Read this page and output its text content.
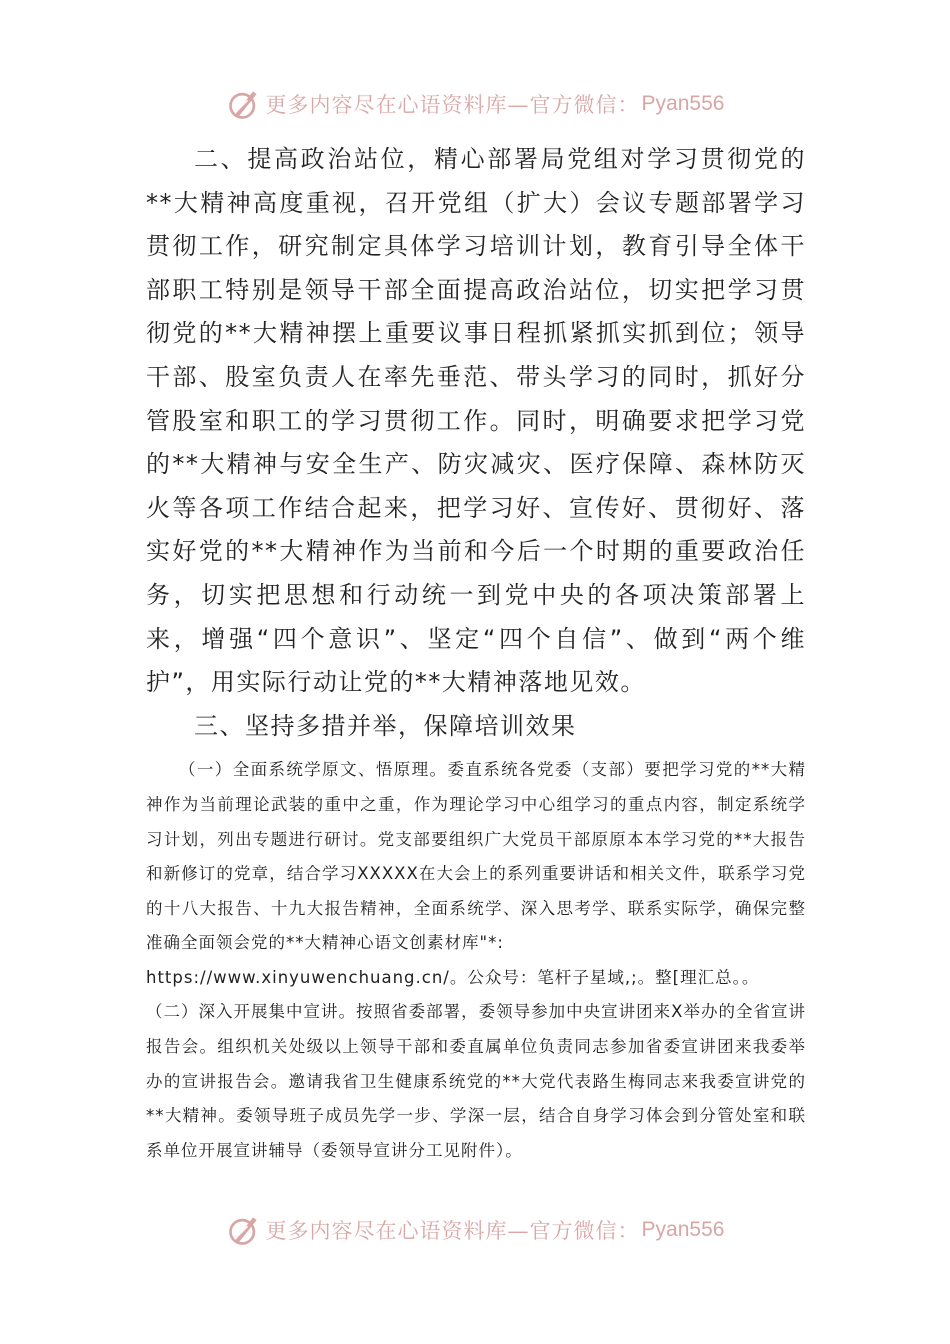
更多内容尽在心语资料库—官方微信： Pyan556

二、提高政治站位，精心部署局党组对学习贯彻党的**大精神高度重视，召开党组（扩大）会议专题部署学习贯彻工作，研究制定具体学习培训计划，教育引导全体干部职工特别是领导干部全面提高政治站位，切实把学习贯彻党的**大精神摆上重要议事日程抓紧抓实抓到位；领导干部、股室负责人在率先垂范、带头学习的同时，抓好分管股室和职工的学习贯彻工作。同时，明确要求把学习党的**大精神与安全生产、防灾减灾、医疗保障、森林防灭火等各项工作结合起来，把学习好、宣传好、贯彻好、落实好党的**大精神作为当前和今后一个时期的重要政治任务，切实把思想和行动统一到党中央的各项决策部署上来，增强“四个意识”、坚定“四个自信”、做到“两个维护”，用实际行动让党的**大精神落地见效。

三、坚持多措并举，保障培训效果

（一）全面系统学原文、悟原理。委直系统各党委（支部）要把学习党的**大精神作为当前理论武装的重中之重，作为理论学习中心组学习的重点内容，制定系统学习计划，列出专题进行研讨。党支部要组织广大党员干部原原本本学习党的**大报告和新修订的党章，结合学习XXXXX在大会上的系列重要讲话和相关文件，联系学习党的十八大报告、十九大报告精神，全面系统学、深入思考学、联系实际学，确保完整准确全面领会党的**大精神心语文创素材库"*:

https://www.xinyuwenchuang.cn/。公众号：笔杆子星域,;。整[理汇总。。

（二）深入开展集中宣讲。按照省委部署，委领导参加中央宣讲团来X举办的全省宣讲报告会。组织机关处级以上领导干部和委直属单位负责同志参加省委宣讲团来我委举办的宣讲报告会。邀请我省卫生健康系统党的**大党代表路生梅同志来我委宣讲党的**大精神。委领导班子成员先学一步、学深一层，结合自身学习体会到分管处室和联系单位开展宣讲辅导（委领导宣讲分工见附件）。

更多内容尽在心语资料库—官方微信： Pyan556
